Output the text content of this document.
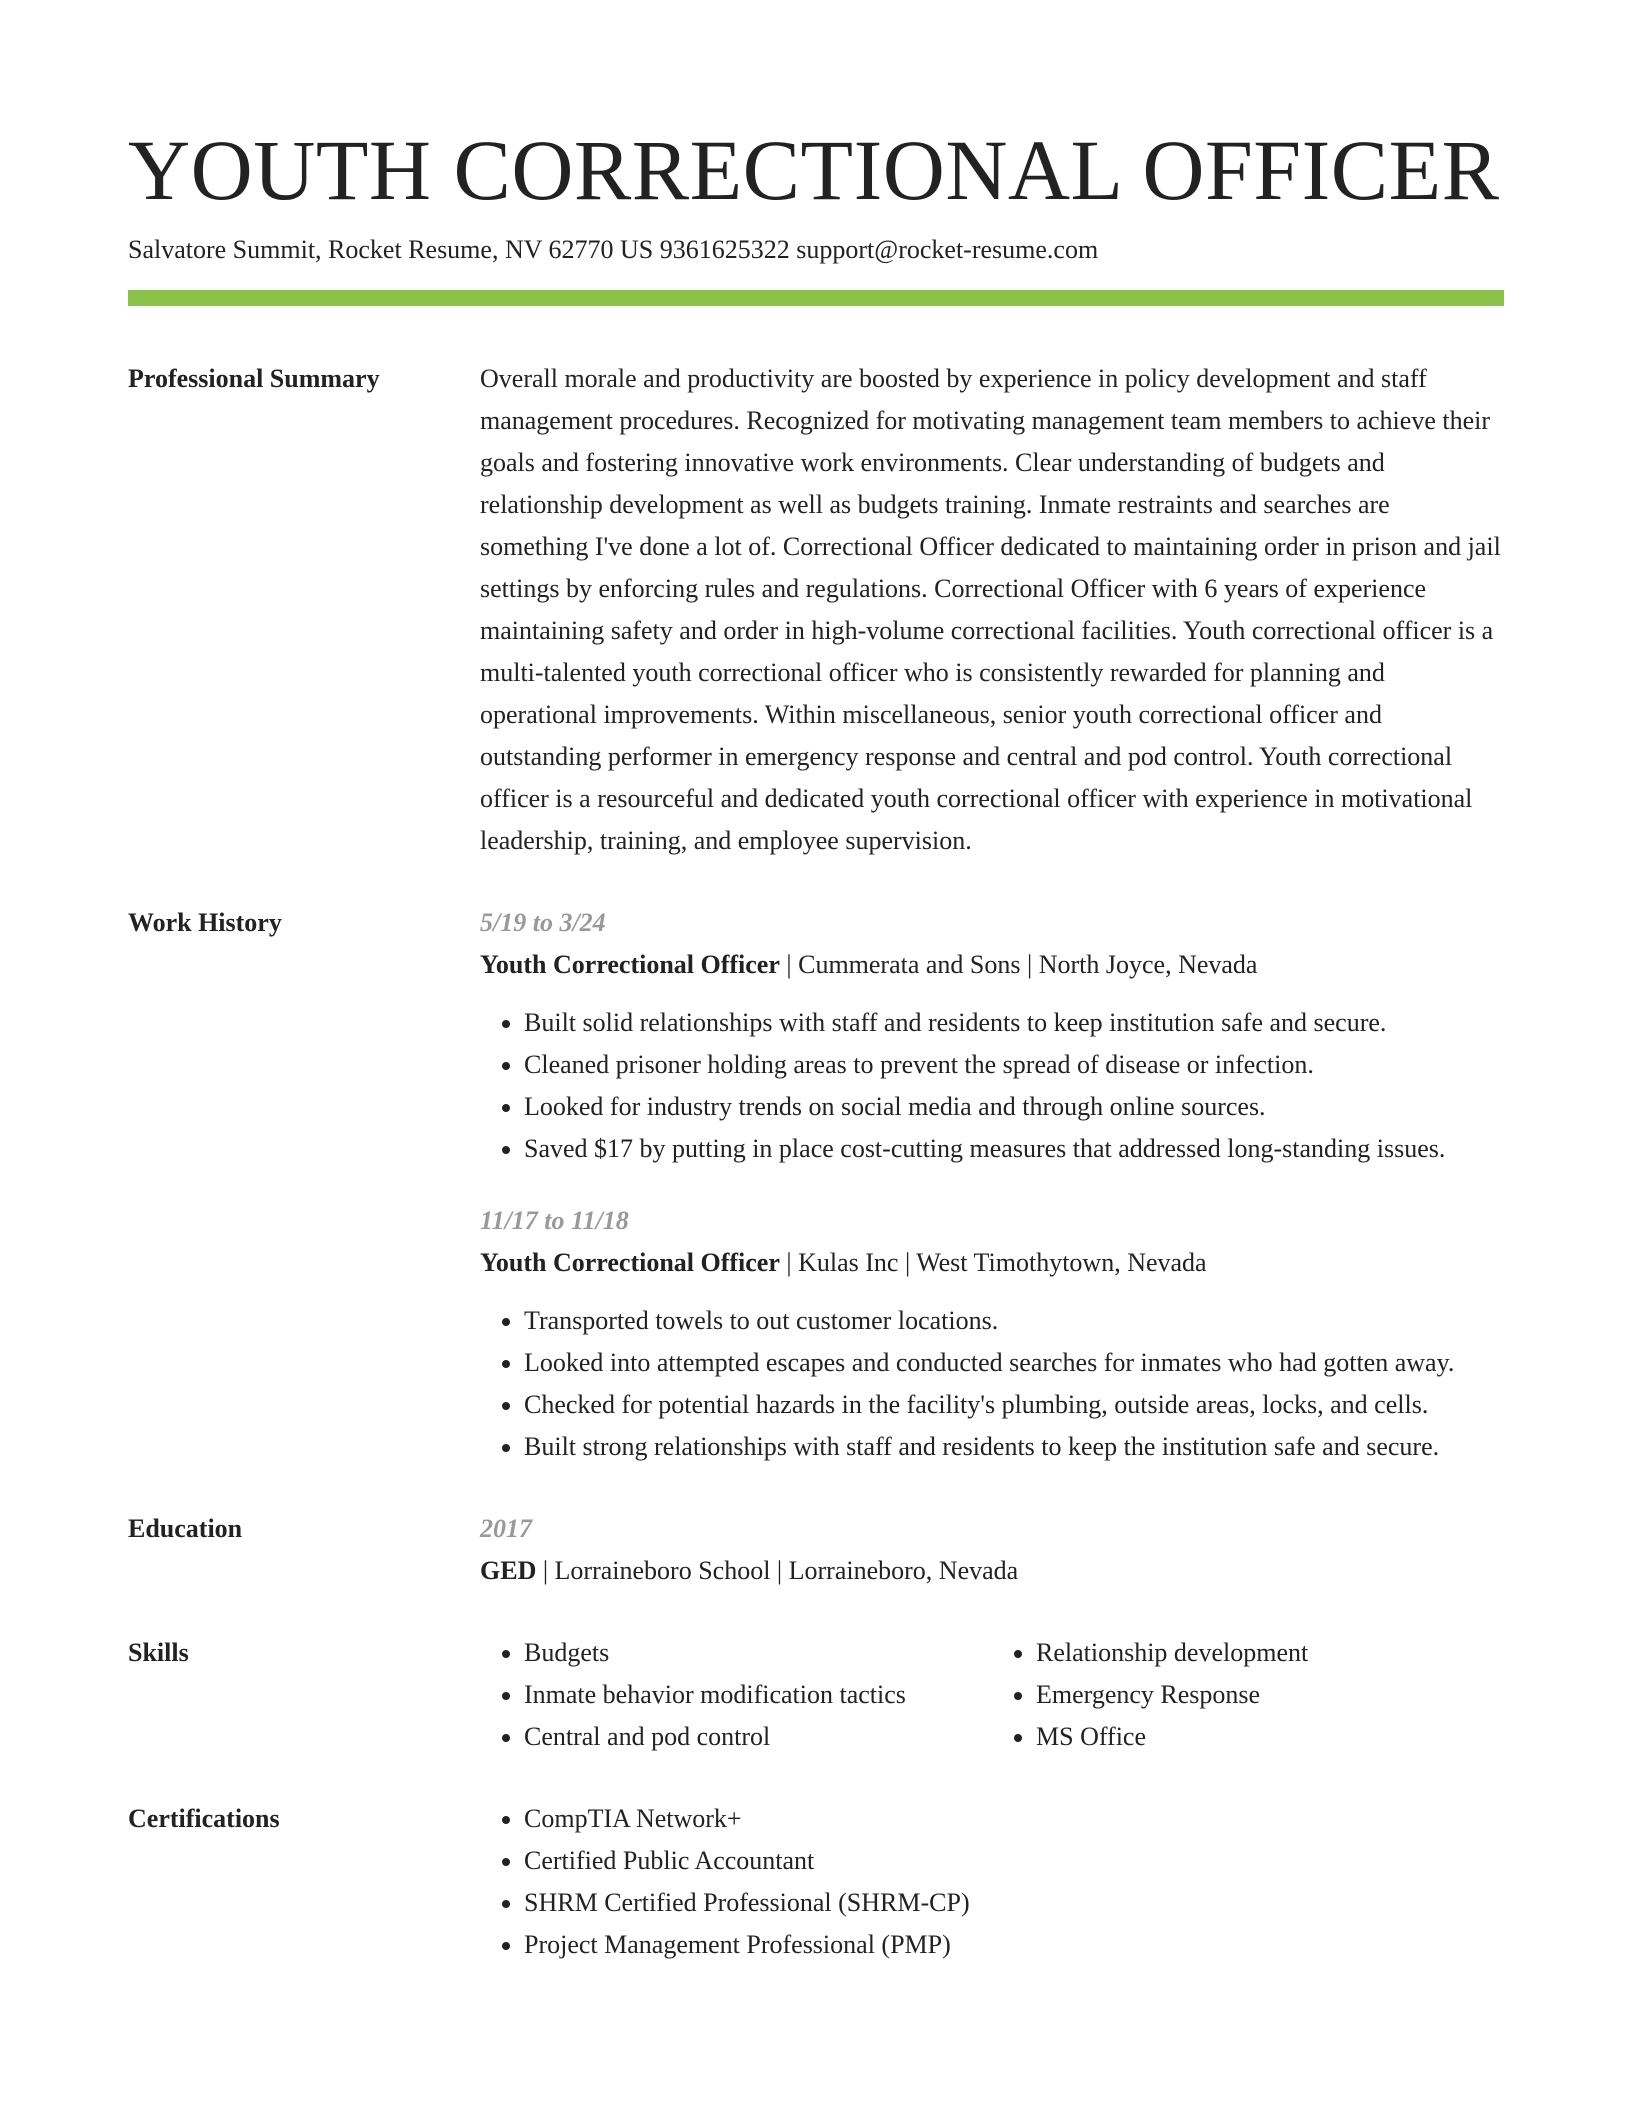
YOUTH CORRECTIONAL OFFICER
Salvatore Summit, Rocket Resume, NV 62770 US 9361625322 support@rocket-resume.com
Professional Summary	Overall morale and productivity are boosted by experience in policy development and staff management procedures. Recognized for motivating management team members to achieve their goals and fostering innovative work environments. Clear understanding of budgets and relationship development as well as budgets training. Inmate restraints and searches are something I've done a lot of. Correctional Officer dedicated to maintaining order in prison and jail settings by enforcing rules and regulations. Correctional Officer with 6 years of experience maintaining safety and order in high-volume correctional facilities. Youth correctional officer is a multi-talented youth correctional officer who is consistently rewarded for planning and operational improvements. Within miscellaneous, senior youth correctional officer and outstanding performer in emergency response and central and pod control. Youth correctional officer is a resourceful and dedicated youth correctional officer with experience in motivational leadership, training, and employee supervision.

Work History	5/19 to 3/24

Youth Correctional Officer | Cummerata and Sons | North Joyce, Nevada

• Built solid relationships with staff and residents to keep institution safe and secure.
• Cleaned prisoner holding areas to prevent the spread of disease or infection.
• Looked for industry trends on social media and through online sources.
• Saved $17 by putting in place cost-cutting measures that addressed long-standing issues.
11/17 to 11/18

Youth Correctional Officer | Kulas Inc | West Timothytown, Nevada

• Transported towels to out customer locations.
• Looked into attempted escapes and conducted searches for inmates who had gotten away.
• Checked for potential hazards in the facility's plumbing, outside areas, locks, and cells.
• Built strong relationships with staff and residents to keep the institution safe and secure.
Education	2017

GED | Lorraineboro School | Lorraineboro, Nevada

Skills	• Budgets
• Inmate behavior modification tactics
• Central and pod control
• Relationship development
• Emergency Response
• MS Office
Certifications	• CompTIA Network+
• Certified Public Accountant
• SHRM Certified Professional (SHRM-CP)
• Project Management Professional (PMP)
